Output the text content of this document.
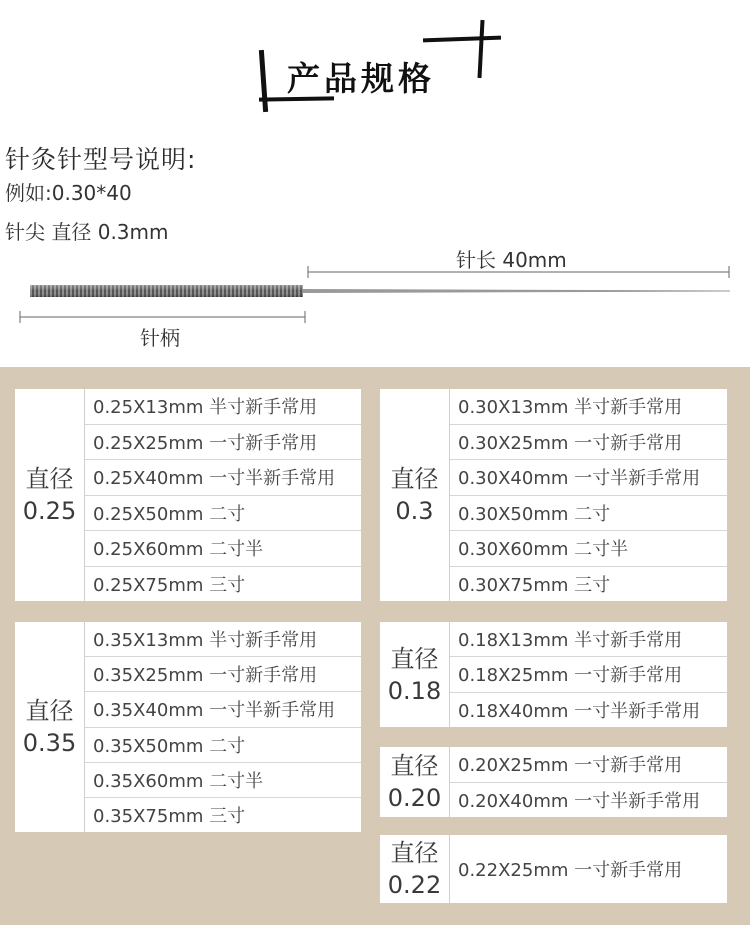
产品规格
针灸针型号说明:
例如:0.30*40
针尖 直径 0.3mm
针长 40mm
针柄
直径
0.25
0.25X13mm 半寸新手常用
0.25X25mm 一寸新手常用
0.25X40mm 一寸半新手常用
0.25X50mm 二寸
0.25X60mm 二寸半
0.25X75mm 三寸
直径
0.3
0.30X13mm 半寸新手常用
0.30X25mm 一寸新手常用
0.30X40mm 一寸半新手常用
0.30X50mm 二寸
0.30X60mm 二寸半
0.30X75mm 三寸
直径
0.35
0.35X13mm 半寸新手常用
0.35X25mm 一寸新手常用
0.35X40mm 一寸半新手常用
0.35X50mm 二寸
0.35X60mm 二寸半
0.35X75mm 三寸
直径
0.18
0.18X13mm 半寸新手常用
0.18X25mm 一寸新手常用
0.18X40mm 一寸半新手常用
直径
0.20
0.20X25mm 一寸新手常用
0.20X40mm 一寸半新手常用
直径
0.22
0.22X25mm 一寸新手常用
